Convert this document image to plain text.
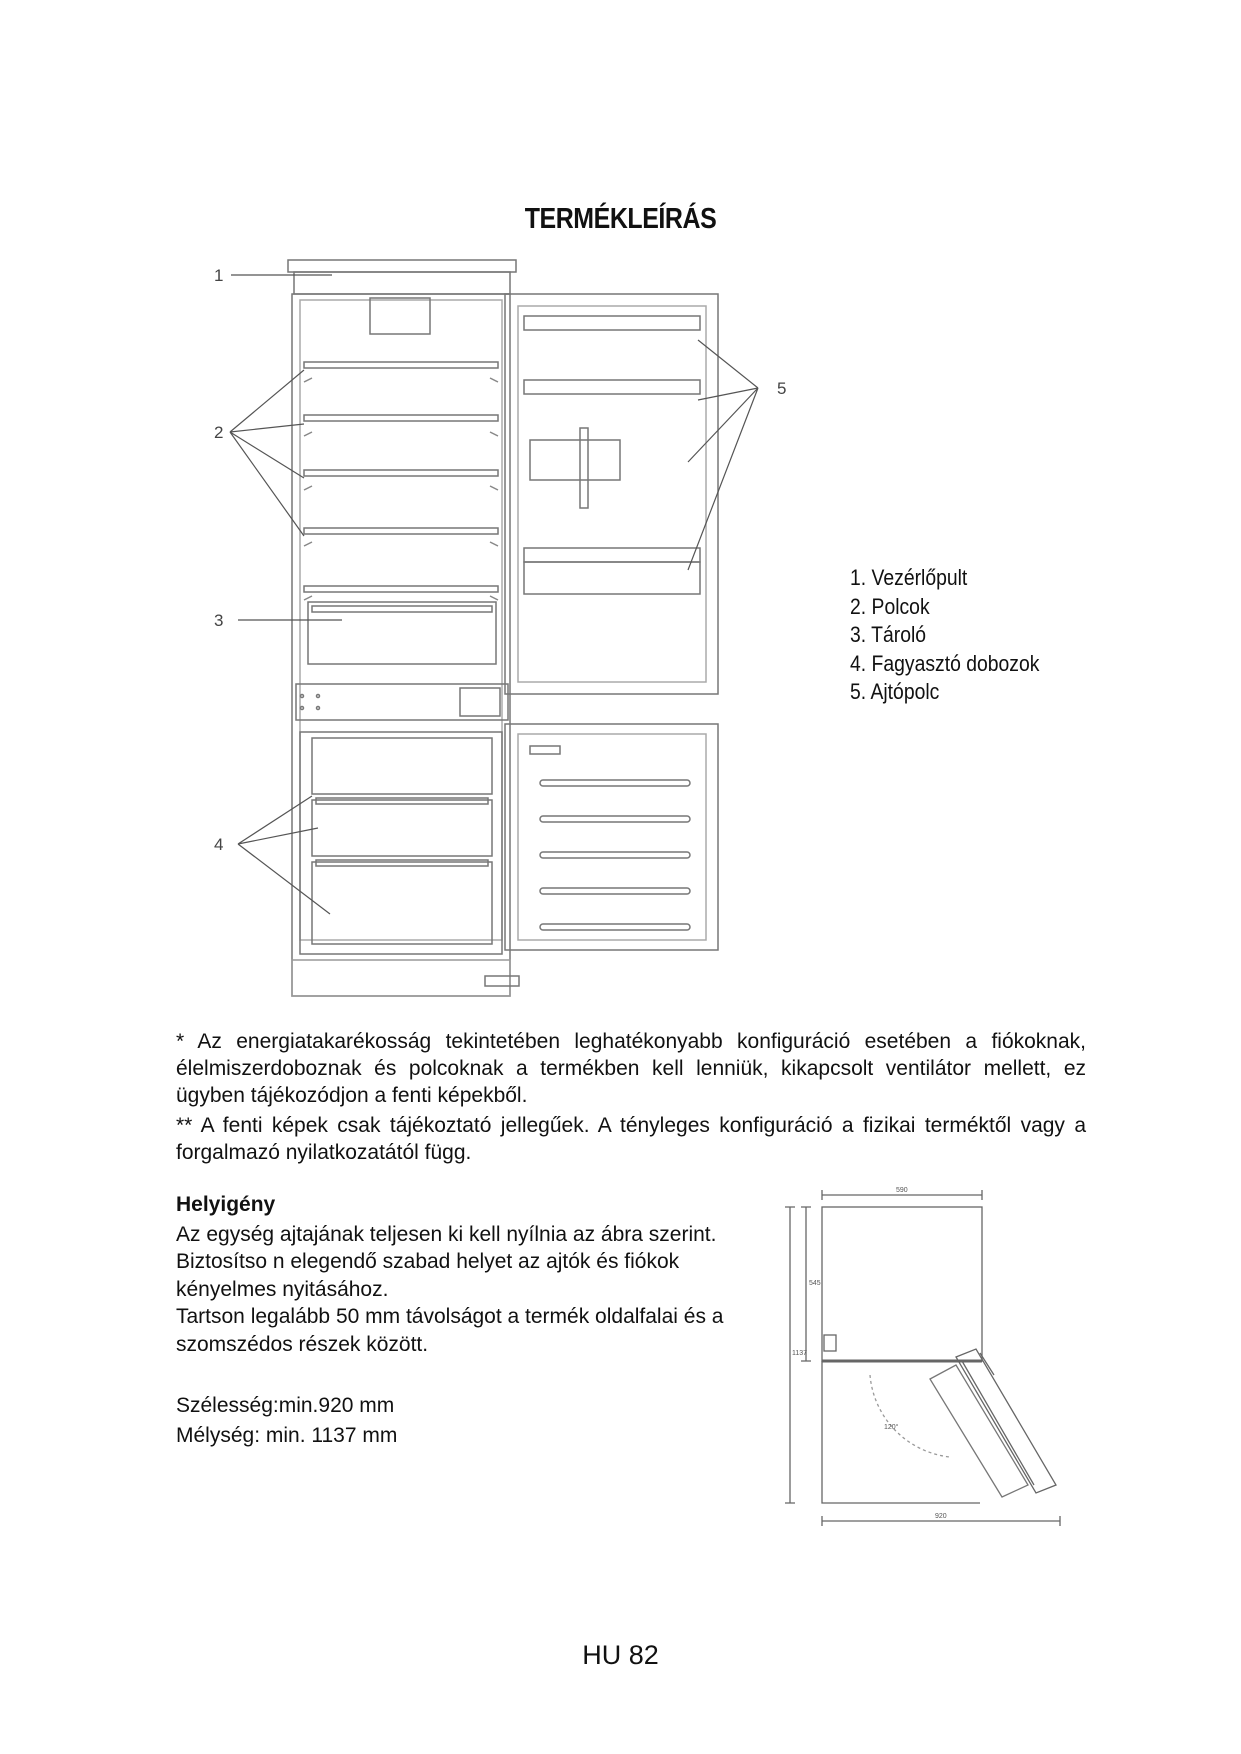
TERMÉKLEÍRÁS
1
2
3
4
5
1. Vezérlőpult
2. Polcok
3. Tároló
4. Fagyasztó dobozok
5. Ajtópolc
* Az energiatakarékosság tekintetében leghatékonyabb konfiguráció esetében a fiókoknak, élelmiszerdoboznak és polcoknak a termékben kell lenniük, kikapcsolt ventilátor mellett, ez ügyben tájékozódjon a fenti képekből.
** A fenti képek csak tájékoztató jellegűek. A tényleges konfiguráció a fizikai terméktől vagy a forgalmazó nyilatkozatától függ.
Helyigény
Az egység ajtajának teljesen ki kell nyílnia az ábra szerint.
Biztosítso n elegendő szabad helyet az ajtók és fiókok
kényelmes nyitásához.
Tartson legalább 50 mm távolságot a termék oldalfalai és a
szomszédos részek között.
Szélesség:min.920 mm
Mélység: min. 1137 mm
590
545
1137
120°
920
HU 82
